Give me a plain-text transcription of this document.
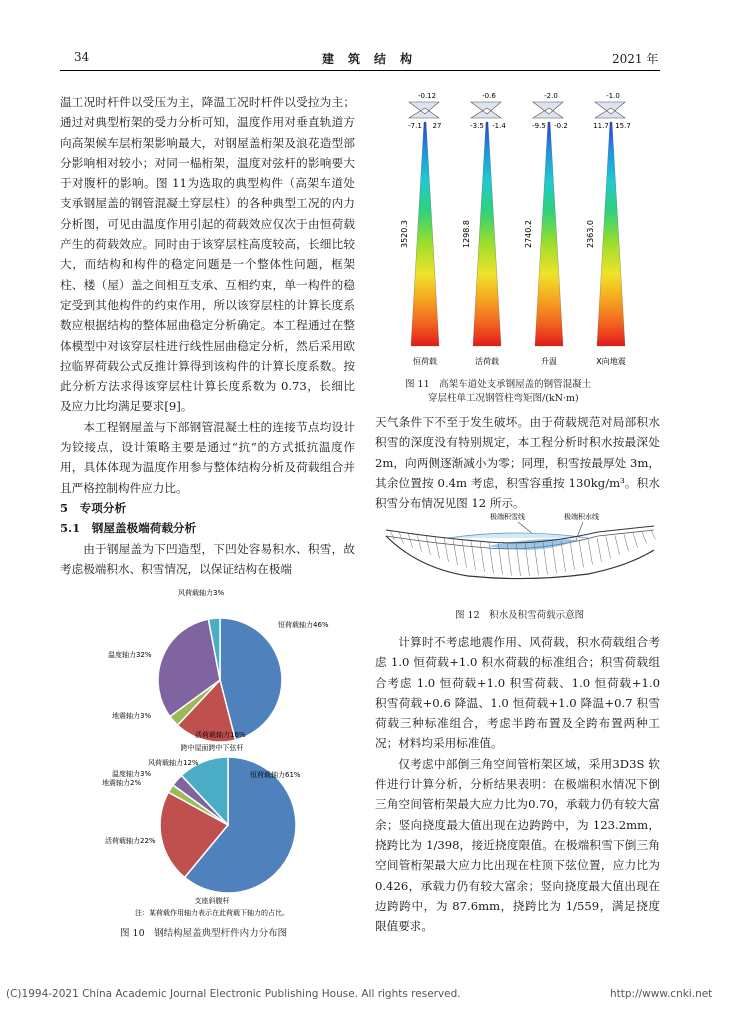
34	建　筑　结　构	2021 年

温工况时杆件以受压为主，降温工况时杆件以受拉为主；通过对典型桁架的受力分析可知，温度作用对垂直轨道方向高架候车层桁架影响最大，对钢屋盖桁架及浪花造型部分影响相对较小；对同一榀桁架，温度对弦杆的影响要大于对腹杆的影响。图 11为选取的典型构件（高架车道处支承钢屋盖的钢管混凝土穿层柱）的各种典型工况的内力分析图，可见由温度作用引起的荷载效应仅次于由恒荷载产生的荷载效应。同时由于该穿层柱高度较高，长细比较大，而结构和构件的稳定问题是一个整体性问题，框架柱、楼（屋）盖之间相互支承、互相约束，单一构件的稳定受到其他构件的约束作用，所以该穿层柱的计算长度系数应根据结构的整体屈曲稳定分析确定。本工程通过在整体模型中对该穿层柱进行线性屈曲稳定分析，然后采用欧拉临界荷载公式反推计算得到该构件的计算长度系数。按此分析方法求得该穿层柱计算长度系数为 0.73，长细比及应力比均满足要求[9]。

本工程钢屋盖与下部钢管混凝土柱的连接节点均设计为铰接点，设计策略主要是通过“抗”的方式抵抗温度作用，具体体现为温度作用参与整体结构分析及荷载组合并且严格控制构件应力比。

5　专项分析

5.1　钢屋盖极端荷载分析

由于钢屋盖为下凹造型，下凹处容易积水、积雪，故考虑极端积水、积雪情况，以保证结构在极端

恒荷载轴力46%
活荷载轴力16%
地震轴力3%
温度轴力32%
风荷载轴力3%
跨中屋面跨中下弦杆
恒荷载轴力61%
活荷载轴力22%
地震轴力2%
温度轴力3%
风荷载轴力12%
支座斜腹杆
注：某荷载作用轴力表示在此荷载下轴力的占比。
图 10　钢结构屋盖典型杆件内力分布图
-0.12
-7.1 27
3520.3
恒荷载
-0.6
-3.5 -1.4
1298.8
活荷载
-2.0
-9.5 -0.2
2740.2
升温
-1.0
11.7 15.7
2363.0
X向地震
图 11　高架车道处支承钢屋盖的钢管混凝土
穿层柱单工况钢管柱弯矩图/(kN·m)

天气条件下不至于发生破坏。由于荷载规范对局部积水积雪的深度没有特别规定，本工程分析时积水按最深处 2m，向两侧逐渐减小为零；同理，积雪按最厚处 3m，其余位置按 0.4m 考虑，积雪容重按 130kg/m³。积水积雪分布情况见图 12 所示。

极端积雪线	极端积水线
图 12　积水及积雪荷载示意图

计算时不考虑地震作用、风荷载，积水荷载组合考虑 1.0 恒荷载+1.0 积水荷载的标准组合；积雪荷载组合考虑 1.0 恒荷载+1.0 积雪荷载、1.0 恒荷载+1.0 积雪荷载+0.6 降温、1.0 恒荷载+1.0 降温+0.7 积雪荷载三种标准组合，考虑半跨布置及全跨布置两种工况；材料均采用标准值。

仅考虑中部倒三角空间管桁架区域，采用3D3S 软件进行计算分析，分析结果表明：在极端积水情况下倒三角空间管桁架最大应力比为0.70，承载力仍有较大富余；竖向挠度最大值出现在边跨跨中，为 123.2mm，挠跨比为 1/398，接近挠度限值。在极端积雪下倒三角空间管桁架最大应力比出现在柱顶下弦位置，应力比为 0.426，承载力仍有较大富余；竖向挠度最大值出现在边跨跨中，为 87.6mm，挠跨比为 1/559，满足挠度限值要求。

(C)1994-2021 China Academic Journal Electronic Publishing House. All rights reserved.	http://www.cnki.net
